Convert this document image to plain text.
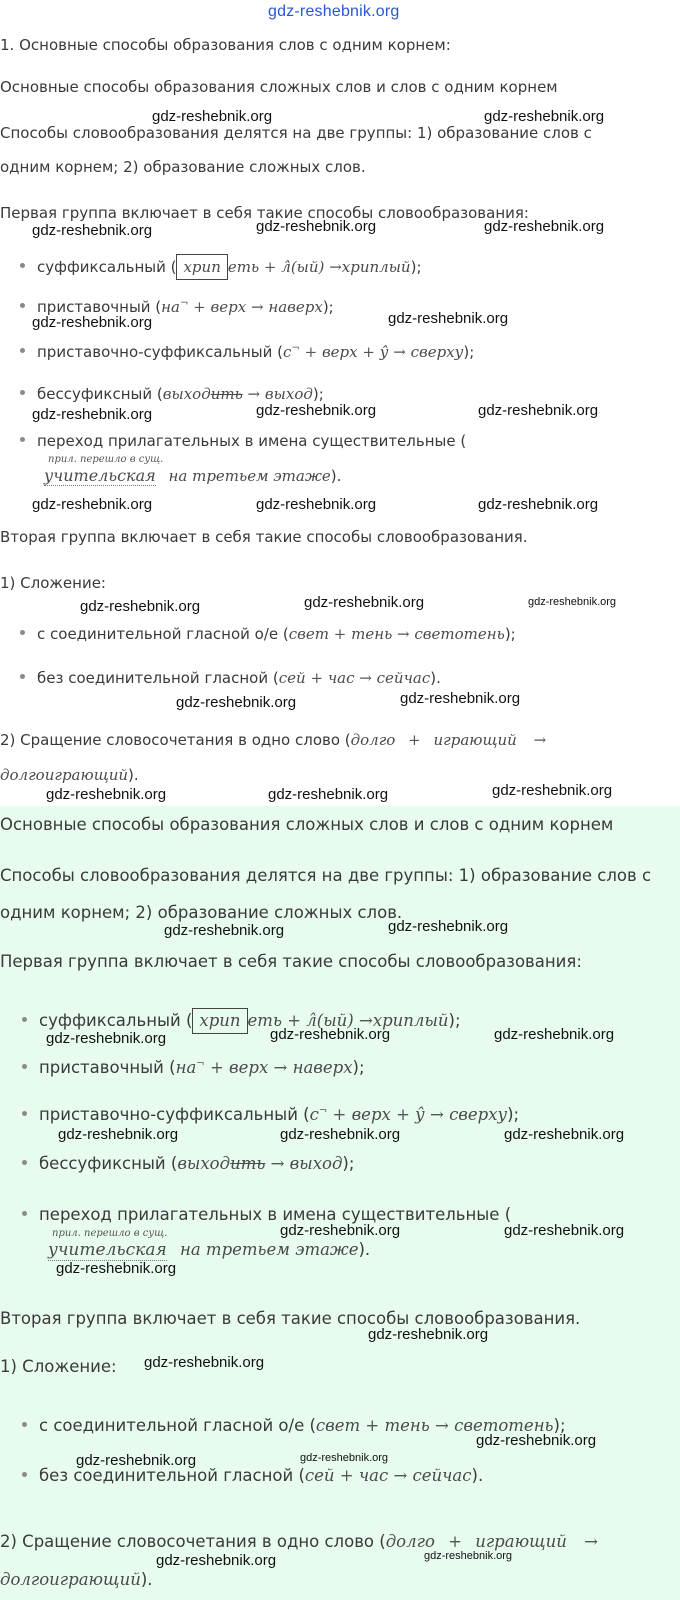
gdz-reshebnik.org
1. Основные способы образования слов с одним корнем:
Основные способы образования сложных слов и слов с одним корнем
gdz-reshebnik.org	gdz-reshebnik.org
Способы словообразования делятся на две группы: 1) образование слов с
одним корнем; 2) образование сложных слов.
Первая группа включает в себя такие способы словообразования:
gdz-reshebnik.org	gdz-reshebnik.org	gdz-reshebnik.org
суффиксальный ( хрип еть + л̂(ый) →хриплый);
приставочный (на¬ + верх → наверх);
gdz-reshebnik.org	gdz-reshebnik.org
приставочно-суффиксальный (с¬ + верх + у̂ → сверху);
бессуфиксный (выходить → выход);
gdz-reshebnik.org	gdz-reshebnik.org	gdz-reshebnik.org
переход прилагательных в имена существительные (
прил. перешло в сущ.
учительская на третьем этаже).
gdz-reshebnik.org	gdz-reshebnik.org	gdz-reshebnik.org
Вторая группа включает в себя такие способы словообразования.
1) Сложение:
gdz-reshebnik.org	gdz-reshebnik.org	gdz-reshebnik.org
с соединительной гласной о/е (свет + тень → светотень);
без соединительной гласной (сей + час → сейчас).
gdz-reshebnik.org	gdz-reshebnik.org
2) Сращение словосочетания в одно слово (долго + играющий →
долгоиграющий).
gdz-reshebnik.org	gdz-reshebnik.org	gdz-reshebnik.org
Основные способы образования сложных слов и слов с одним корнем
Способы словообразования делятся на две группы: 1) образование слов с
одним корнем; 2) образование сложных слов.
gdz-reshebnik.org	gdz-reshebnik.org
Первая группа включает в себя такие способы словообразования:
суффиксальный ( хрип еть + л̂(ый) →хриплый);
gdz-reshebnik.org	gdz-reshebnik.org	gdz-reshebnik.org
приставочный (на¬ + верх → наверх);
приставочно-суффиксальный (с¬ + верх + у̂ → сверху);
gdz-reshebnik.org	gdz-reshebnik.org	gdz-reshebnik.org
бессуфиксный (выходить → выход);
переход прилагательных в имена существительные (
прил. перешло в сущ.	gdz-reshebnik.org	gdz-reshebnik.org
учительская на третьем этаже).
gdz-reshebnik.org
Вторая группа включает в себя такие способы словообразования.
gdz-reshebnik.org
1) Сложение: gdz-reshebnik.org
с соединительной гласной о/е (свет + тень → светотень);
gdz-reshebnik.org
gdz-reshebnik.org	gdz-reshebnik.org
без соединительной гласной (сей + час → сейчас).
2) Сращение словосочетания в одно слово (долго + играющий →
gdz-reshebnik.org	gdz-reshebnik.org
долгоиграющий).
